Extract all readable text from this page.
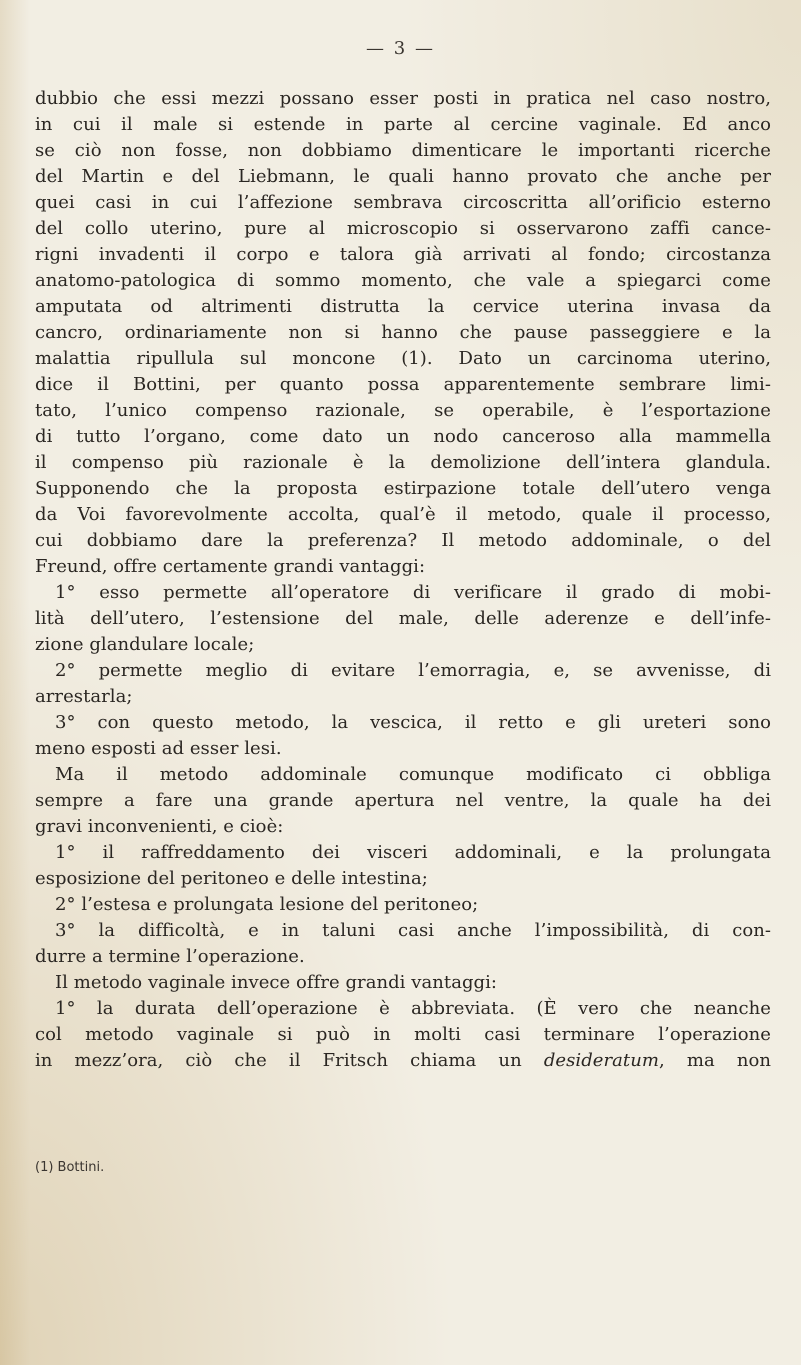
— 3 —
dubbio che essi mezzi possano esser posti in pratica nel caso nostro,
in cui il male si estende in parte al cercine vaginale. Ed anco
se ciò non fosse, non dobbiamo dimenticare le importanti ricerche
del Martin e del Liebmann, le quali hanno provato che anche per
quei casi in cui l’affezione sembrava circoscritta all’orificio esterno
del collo uterino, pure al microscopio si osservarono zaffi cance-
rigni invadenti il corpo e talora già arrivati al fondo; circostanza
anatomo-patologica di sommo momento, che vale a spiegarci come
amputata od altrimenti distrutta la cervice uterina invasa da
cancro, ordinariamente non si hanno che pause passeggiere e la
malattia ripullula sul moncone (1). Dato un carcinoma uterino,
dice il Bottini, per quanto possa apparentemente sembrare limi-
tato, l’unico compenso razionale, se operabile, è l’esportazione
di tutto l’organo, come dato un nodo canceroso alla mammella
il compenso più razionale è la demolizione dell’intera glandula.
Supponendo che la proposta estirpazione totale dell’utero venga
da Voi favorevolmente accolta, qual’è il metodo, quale il processo,
cui dobbiamo dare la preferenza? Il metodo addominale, o del
Freund, offre certamente grandi vantaggi:
1° esso permette all’operatore di verificare il grado di mobi-
lità dell’utero, l’estensione del male, delle aderenze e dell’infe-
zione glandulare locale;
2° permette meglio di evitare l’emorragia, e, se avvenisse, di
arrestarla;
3° con questo metodo, la vescica, il retto e gli ureteri sono
meno esposti ad esser lesi.
Ma il metodo addominale comunque modificato ci obbliga
sempre a fare una grande apertura nel ventre, la quale ha dei
gravi inconvenienti, e cioè:
1° il raffreddamento dei visceri addominali, e la prolungata
esposizione del peritoneo e delle intestina;
2° l’estesa e prolungata lesione del peritoneo;
3° la difficoltà, e in taluni casi anche l’impossibilità, di con-
durre a termine l’operazione.
Il metodo vaginale invece offre grandi vantaggi:
1° la durata dell’operazione è abbreviata. (È vero che neanche
col metodo vaginale si può in molti casi terminare l’operazione
in mezz’ora, ciò che il Fritsch chiama un desideratum, ma non
(1) Bottini.
